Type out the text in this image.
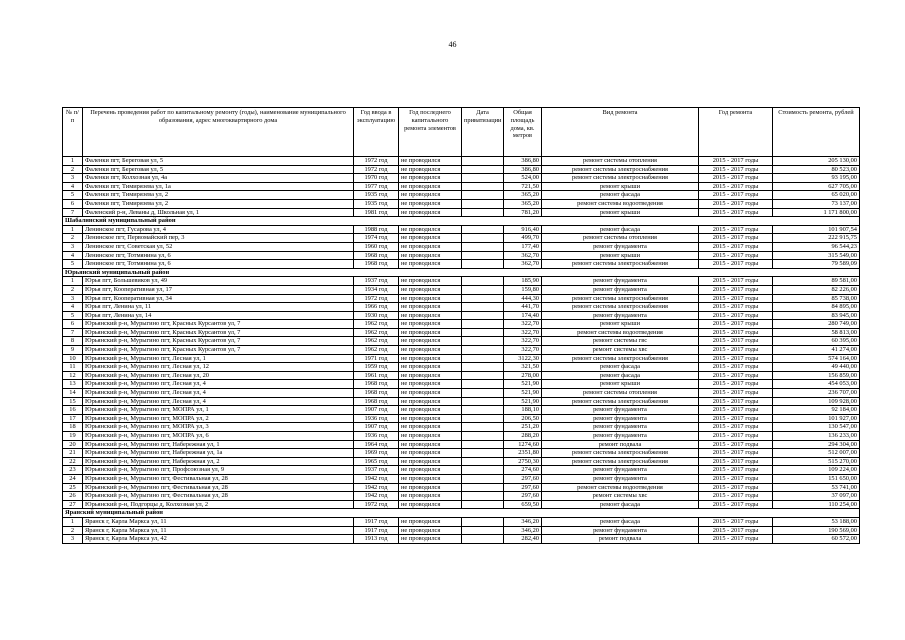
46
№ п/п	Перечень проведения работ по капитальному ремонту (годы), наименование муниципального образования, адрес многоквартирного дома	Год ввода в эксплуатацию	Год последнего капитального ремонта элементов	Дата приватизации	Общая площадь дома, кв. метров	Вид ремонта	Год ремонта	Стоимость ремонта, рублей
1	Фаленки пгт, Береговая ул, 5	1972 год	не проводился		386,80	ремонт системы отопления	2015 - 2017 годы	205 130,00
2	Фаленки пгт, Береговая ул, 5	1972 год	не проводился		386,80	ремонт системы электроснабжения	2015 - 2017 годы	80 523,00
3	Фаленки пгт, Колхозная ул, 4а	1970 год	не проводился		524,00	ремонт системы электроснабжения	2015 - 2017 годы	93 195,00
4	Фаленки пгт, Тимирязева ул, 1а	1977 год	не проводился		721,50	ремонт крыши	2015 - 2017 годы	627 705,00
5	Фаленки пгт, Тимирязева ул, 2	1935 год	не проводился		365,20	ремонт фасада	2015 - 2017 годы	65 020,00
6	Фаленки пгт, Тимирязева ул, 2	1935 год	не проводился		365,20	ремонт системы водоотведения	2015 - 2017 годы	73 137,00
7	Фаленский р-н, Леваны д, Школьная ул, 1	1981 год	не проводился		781,20	ремонт крыши	2015 - 2017 годы	1 171 800,00
Шабалинский муниципальный район								
1	Ленинское пгт, Гусарова ул, 4	1988 год	не проводился		916,40	ремонт фасада	2015 - 2017 годы	101 907,54
2	Ленинское пгт, Первомайский пер, 3	1974 год	не проводился		499,70	ремонт системы отопления	2015 - 2017 годы	222 915,75
3	Ленинское пгт, Советская ул, 52	1960 год	не проводился		177,40	ремонт фундамента	2015 - 2017 годы	96 544,23
4	Ленинское пгт, Тотмянина ул, 6	1968 год	не проводился		362,70	ремонт крыши	2015 - 2017 годы	315 549,00
5	Ленинское пгт, Тотмянина ул, 6	1968 год	не проводился		362,70	ремонт системы электроснабжения	2015 - 2017 годы	79 589,09
Юрьянский муниципальный район								
1	Юрья пгт, Большевиков ул, 49	1937 год	не проводился		185,90	ремонт фундамента	2015 - 2017 годы	89 581,00
2	Юрья пгт, Кооперативная ул, 17	1934 год	не проводился		159,80	ремонт фундамента	2015 - 2017 годы	82 226,00
3	Юрья пгт, Кооперативная ул, 34	1972 год	не проводился		444,30	ремонт системы электроснабжения	2015 - 2017 годы	85 738,00
4	Юрья пгт, Ленина ул, 11	1966 год	не проводился		441,70	ремонт системы электроснабжения	2015 - 2017 годы	84 895,00
5	Юрья пгт, Ленина ул, 14	1930 год	не проводился		174,40	ремонт фундамента	2015 - 2017 годы	83 945,00
6	Юрьянский р-н, Мурыгино пгт, Красных Курсантов ул, 7	1962 год	не проводился		322,70	ремонт крыши	2015 - 2017 годы	280 749,00
7	Юрьянский р-н, Мурыгино пгт, Красных Курсантов ул, 7	1962 год	не проводился		322,70	ремонт системы водоотведения	2015 - 2017 годы	58 813,00
8	Юрьянский р-н, Мурыгино пгт, Красных Курсантов ул, 7	1962 год	не проводился		322,70	ремонт системы гвс	2015 - 2017 годы	60 395,00
9	Юрьянский р-н, Мурыгино пгт, Красных Курсантов ул, 7	1962 год	не проводился		322,70	ремонт системы хвс	2015 - 2017 годы	41 274,00
10	Юрьянский р-н, Мурыгино пгт, Лесная ул, 1	1971 год	не проводился		3122,30	ремонт системы электроснабжения	2015 - 2017 годы	574 164,00
11	Юрьянский р-н, Мурыгино пгт, Лесная ул, 12	1959 год	не проводился		321,50	ремонт фасада	2015 - 2017 годы	49 440,00
12	Юрьянский р-н, Мурыгино пгт, Лесная ул, 20	1961 год	не проводился		278,00	ремонт фасада	2015 - 2017 годы	156 859,00
13	Юрьянский р-н, Мурыгино пгт, Лесная ул, 4	1968 год	не проводился		521,90	ремонт крыши	2015 - 2017 годы	454 053,00
14	Юрьянский р-н, Мурыгино пгт, Лесная ул, 4	1968 год	не проводился		521,90	ремонт системы отопления	2015 - 2017 годы	236 707,00
15	Юрьянский р-н, Мурыгино пгт, Лесная ул, 4	1968 год	не проводился		521,90	ремонт системы электроснабжения	2015 - 2017 годы	109 928,00
16	Юрьянский р-н, Мурыгино пгт, МОПРА ул, 1	1907 год	не проводился		188,10	ремонт фундамента	2015 - 2017 годы	92 184,00
17	Юрьянский р-н, Мурыгино пгт, МОПРА ул, 2	1936 год	не проводился		206,50	ремонт фундамента	2015 - 2017 годы	101 927,00
18	Юрьянский р-н, Мурыгино пгт, МОПРА ул, 3	1907 год	не проводился		251,20	ремонт фундамента	2015 - 2017 годы	130 547,00
19	Юрьянский р-н, Мурыгино пгт, МОПРА ул, 6	1936 год	не проводился		288,20	ремонт фундамента	2015 - 2017 годы	136 233,00
20	Юрьянский р-н, Мурыгино пгт, Набережная ул, 1	1964 год	не проводился		1274,60	ремонт подвала	2015 - 2017 годы	294 304,00
21	Юрьянский р-н, Мурыгино пгт, Набережная ул, 1а	1969 год	не проводился		2351,80	ремонт системы электроснабжения	2015 - 2017 годы	512 007,00
22	Юрьянский р-н, Мурыгино пгт, Набережная ул, 2	1965 год	не проводился		2750,30	ремонт системы электроснабжения	2015 - 2017 годы	515 270,00
23	Юрьянский р-н, Мурыгино пгт, Профсоюзная ул, 9	1937 год	не проводился		274,60	ремонт фундамента	2015 - 2017 годы	109 224,00
24	Юрьянский р-н, Мурыгино пгт, Фестивальная ул, 28	1942 год	не проводился		297,60	ремонт фундамента	2015 - 2017 годы	151 650,00
25	Юрьянский р-н, Мурыгино пгт, Фестивальная ул, 28	1942 год	не проводился		297,60	ремонт системы водоотведения	2015 - 2017 годы	53 741,00
26	Юрьянский р-н, Мурыгино пгт, Фестивальная ул, 28	1942 год	не проводился		297,60	ремонт системы хвс	2015 - 2017 годы	37 097,00
27	Юрьянский р-н, Подгорцы д, Колхозная ул, 2	1972 год	не проводился		659,50	ремонт фасада	2015 - 2017 годы	110 254,00
Яранский муниципальный район								
1	Яранск г, Карла Маркса ул, 11	1917 год	не проводился		346,20	ремонт фасада	2015 - 2017 годы	53 188,00
2	Яранск г, Карла Маркса ул, 11	1917 год	не проводился		346,20	ремонт фундамента	2015 - 2017 годы	190 569,00
3	Яранск г, Карла Маркса ул, 42	1913 год	не проводился		282,40	ремонт подвала	2015 - 2017 годы	60 572,00
